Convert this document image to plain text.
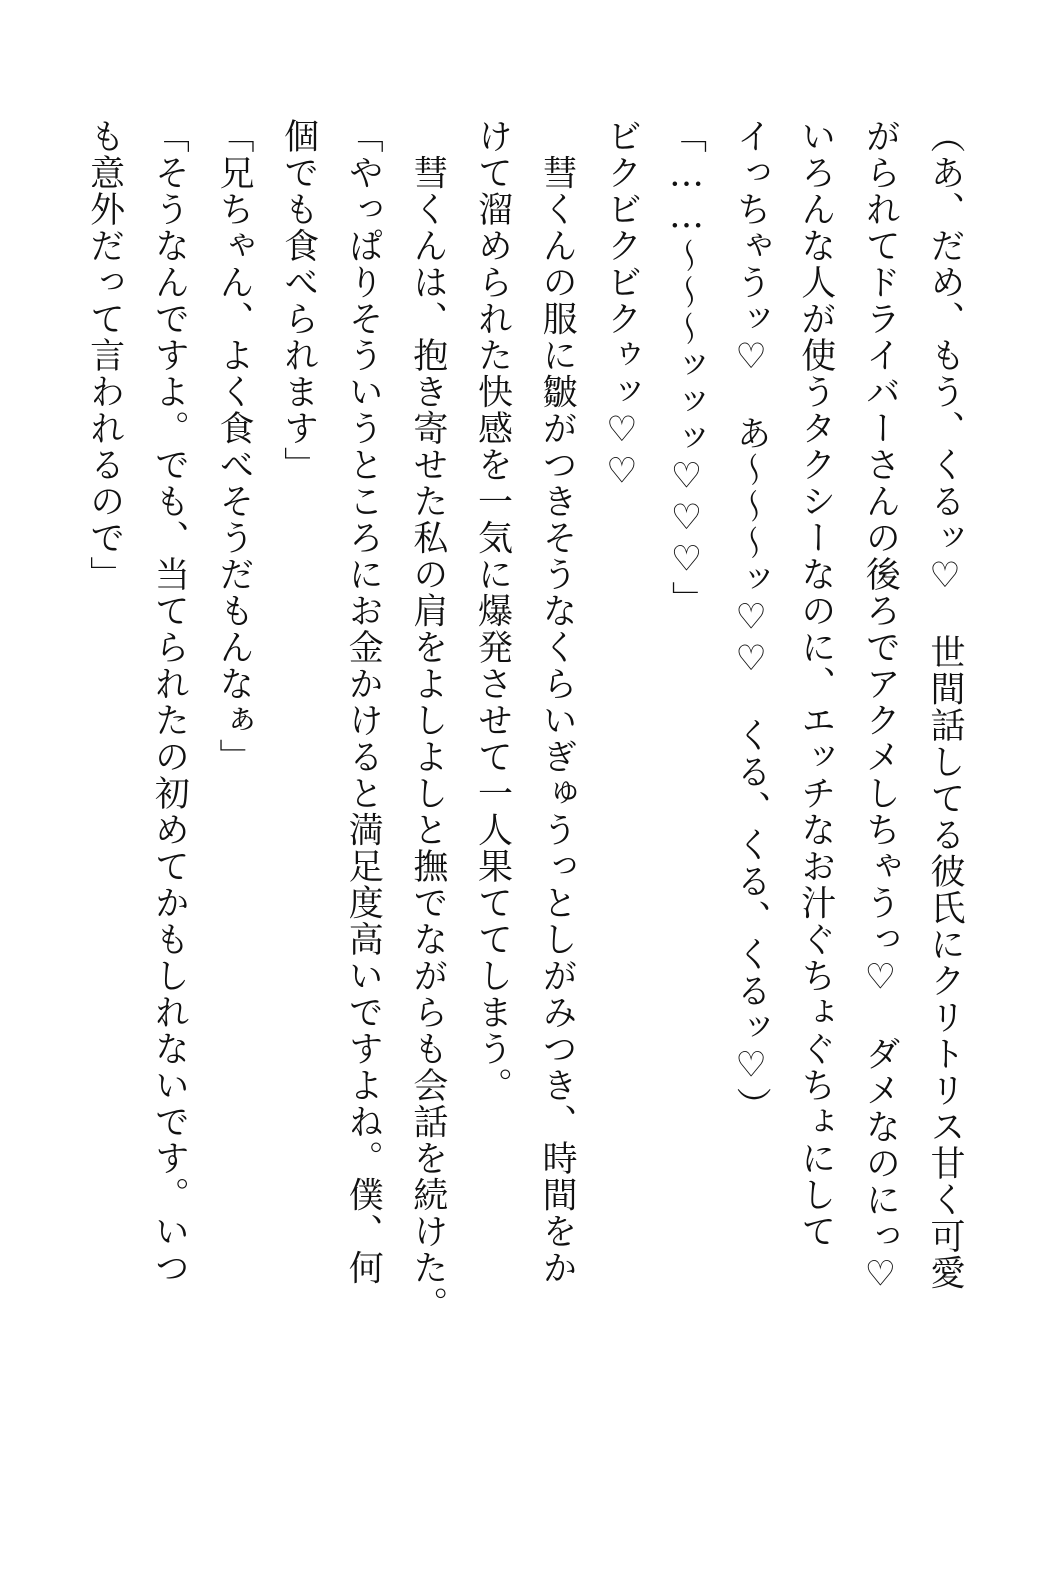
（あ、だめ、もう、くるッ♡　世間話してる彼氏にクリトリス甘く可愛
がられてドライバーさんの後ろでアクメしちゃうっ♡　ダメなのにっ♡
いろんな人が使うタクシーなのに、エッチなお汁ぐちょぐちょにして
イっちゃうッ♡　あ～～～ッ♡♡　くる、くる、くるッ♡）
「……～～～ッッッ♡♡♡」
ビクビクビクゥッ♡♡
　彗くんの服に皺がつきそうなくらいぎゅうっとしがみつき、時間をか
けて溜められた快感を一気に爆発させて一人果ててしまう。
　彗くんは、抱き寄せた私の肩をよしよしと撫でながらも会話を続けた。
「やっぱりそういうところにお金かけると満足度高いですよね。僕、何
個でも食べられます」
「兄ちゃん、よく食べそうだもんなぁ」
「そうなんですよ。でも、当てられたの初めてかもしれないです。いつ
も意外だって言われるので」
